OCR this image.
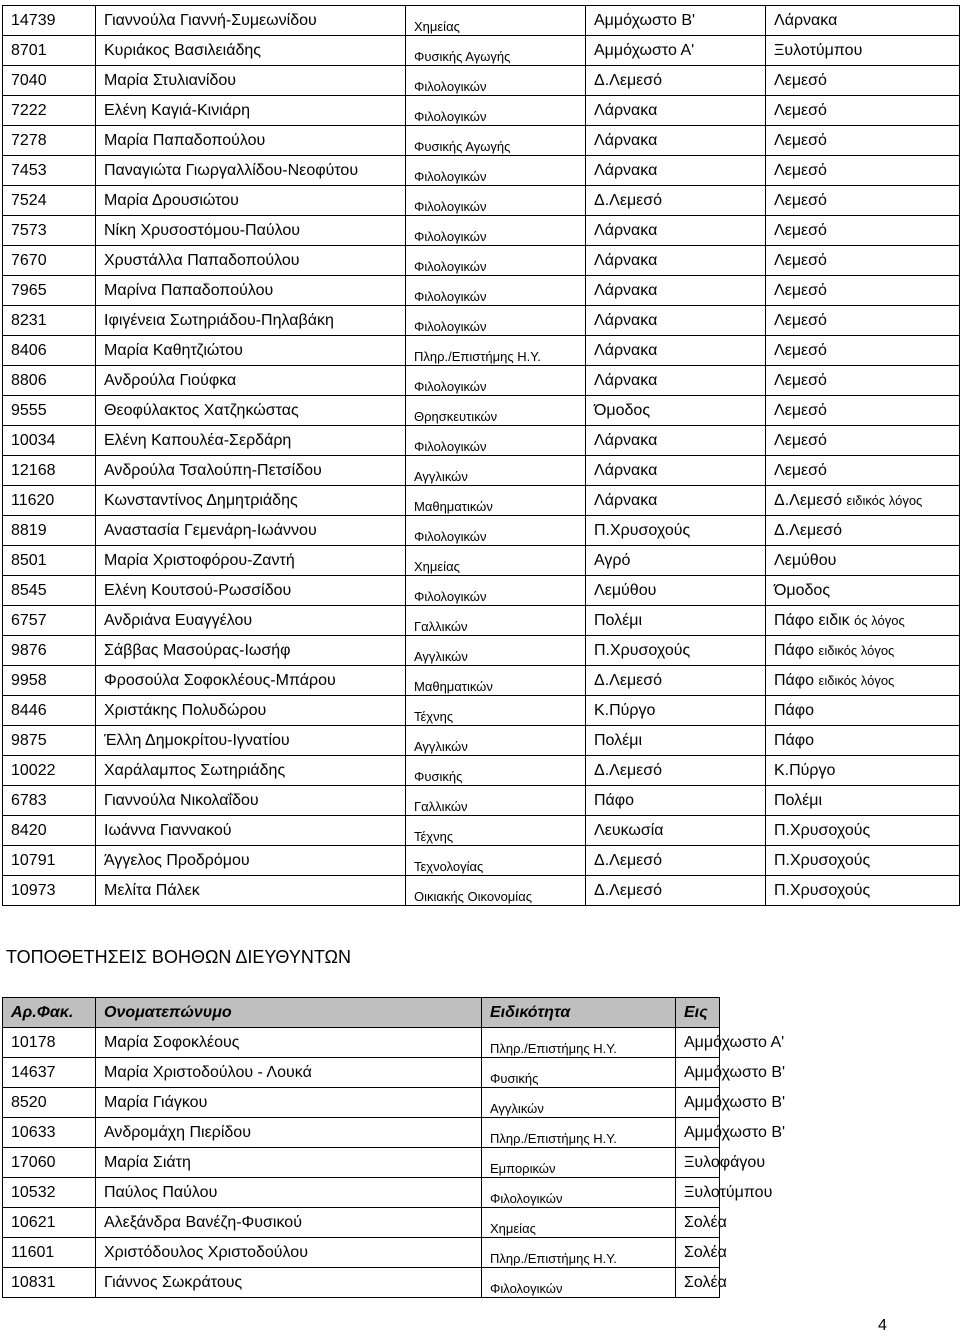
14739	Γιαννούλα Γιαννή-Συμεωνίδου	Χημείας	Αμμόχωστο Β'	Λάρνακα
8701	Κυριάκος Βασιλειάδης	Φυσικής Αγωγής	Αμμόχωστο Α'	Ξυλοτύμπου
7040	Μαρία Στυλιανίδου	Φιλολογικών	Δ.Λεμεσό	Λεμεσό
7222	Ελένη Καγιά-Κινιάρη	Φιλολογικών	Λάρνακα	Λεμεσό
7278	Μαρία Παπαδοπούλου	Φυσικής Αγωγής	Λάρνακα	Λεμεσό
7453	Παναγιώτα Γιωργαλλίδου-Νεοφύτου	Φιλολογικών	Λάρνακα	Λεμεσό
7524	Μαρία Δρουσιώτου	Φιλολογικών	Δ.Λεμεσό	Λεμεσό
7573	Νίκη Χρυσοστόμου-Παύλου	Φιλολογικών	Λάρνακα	Λεμεσό
7670	Χρυστάλλα Παπαδοπούλου	Φιλολογικών	Λάρνακα	Λεμεσό
7965	Μαρίνα Παπαδοπούλου	Φιλολογικών	Λάρνακα	Λεμεσό
8231	Ιφιγένεια Σωτηριάδου-Πηλαβάκη	Φιλολογικών	Λάρνακα	Λεμεσό
8406	Μαρία Καθητζιώτου	Πληρ./Επιστήμης Η.Υ.	Λάρνακα	Λεμεσό
8806	Ανδρούλα Γιούφκα	Φιλολογικών	Λάρνακα	Λεμεσό
9555	Θεοφύλακτος Χατζηκώστας	Θρησκευτικών	Όμοδος	Λεμεσό
10034	Ελένη Καπουλέα-Σερδάρη	Φιλολογικών	Λάρνακα	Λεμεσό
12168	Ανδρούλα Τσαλούπη-Πετσίδου	Αγγλικών	Λάρνακα	Λεμεσό
11620	Κωνσταντίνος Δημητριάδης	Μαθηματικών	Λάρνακα	Δ.Λεμεσό ειδικός λόγος
8819	Αναστασία Γεμενάρη-Ιωάννου	Φιλολογικών	Π.Χρυσοχούς	Δ.Λεμεσό
8501	Μαρία Χριστοφόρου-Ζαντή	Χημείας	Αγρό	Λεμύθου
8545	Ελένη Κουτσού-Ρωσσίδου	Φιλολογικών	Λεμύθου	Όμοδος
6757	Ανδριάνα Ευαγγέλου	Γαλλικών	Πολέμι	Πάφο ειδικ ός λόγος
9876	Σάββας Μασούρας-Ιωσήφ	Αγγλικών	Π.Χρυσοχούς	Πάφο ειδικός λόγος
9958	Φροσούλα Σοφοκλέους-Μπάρου	Μαθηματικών	Δ.Λεμεσό	Πάφο ειδικός λόγος
8446	Χριστάκης Πολυδώρου	Τέχνης	Κ.Πύργο	Πάφο
9875	Έλλη Δημοκρίτου-Ιγνατίου	Αγγλικών	Πολέμι	Πάφο
10022	Χαράλαμπος Σωτηριάδης	Φυσικής	Δ.Λεμεσό	Κ.Πύργο
6783	Γιαννούλα Νικολαΐδου	Γαλλικών	Πάφο	Πολέμι
8420	Ιωάννα Γιαννακού	Τέχνης	Λευκωσία	Π.Χρυσοχούς
10791	Άγγελος Προδρόμου	Τεχνολογίας	Δ.Λεμεσό	Π.Χρυσοχούς
10973	Μελίτα Πάλεκ	Οικιακής Οικονομίας	Δ.Λεμεσό	Π.Χρυσοχούς
ΤΟΠΟΘΕΤΗΣΕΙΣ ΒΟΗΘΩΝ ΔΙΕΥΘΥΝΤΩΝ
Αρ.Φακ.	Ονοματεπώνυμο	Ειδικότητα	Εις
10178	Μαρία Σοφοκλέους	Πληρ./Επιστήμης Η.Υ.	Αμμόχωστο Α'
14637	Μαρία Χριστοδούλου - Λουκά	Φυσικής	Αμμόχωστο Β'
8520	Μαρία Γιάγκου	Αγγλικών	Αμμόχωστο Β'
10633	Ανδρομάχη Πιερίδου	Πληρ./Επιστήμης Η.Υ.	Αμμόχωστο Β'
17060	Μαρία Σιάτη	Εμπορικών	Ξυλοφάγου
10532	Παύλος Παύλου	Φιλολογικών	Ξυλοτύμπου
10621	Αλεξάνδρα Βανέζη-Φυσικού	Χημείας	Σολέα
11601	Χριστόδουλος Χριστοδούλου	Πληρ./Επιστήμης Η.Υ.	Σολέα
10831	Γιάννος Σωκράτους	Φιλολογικών	Σολέα
4
